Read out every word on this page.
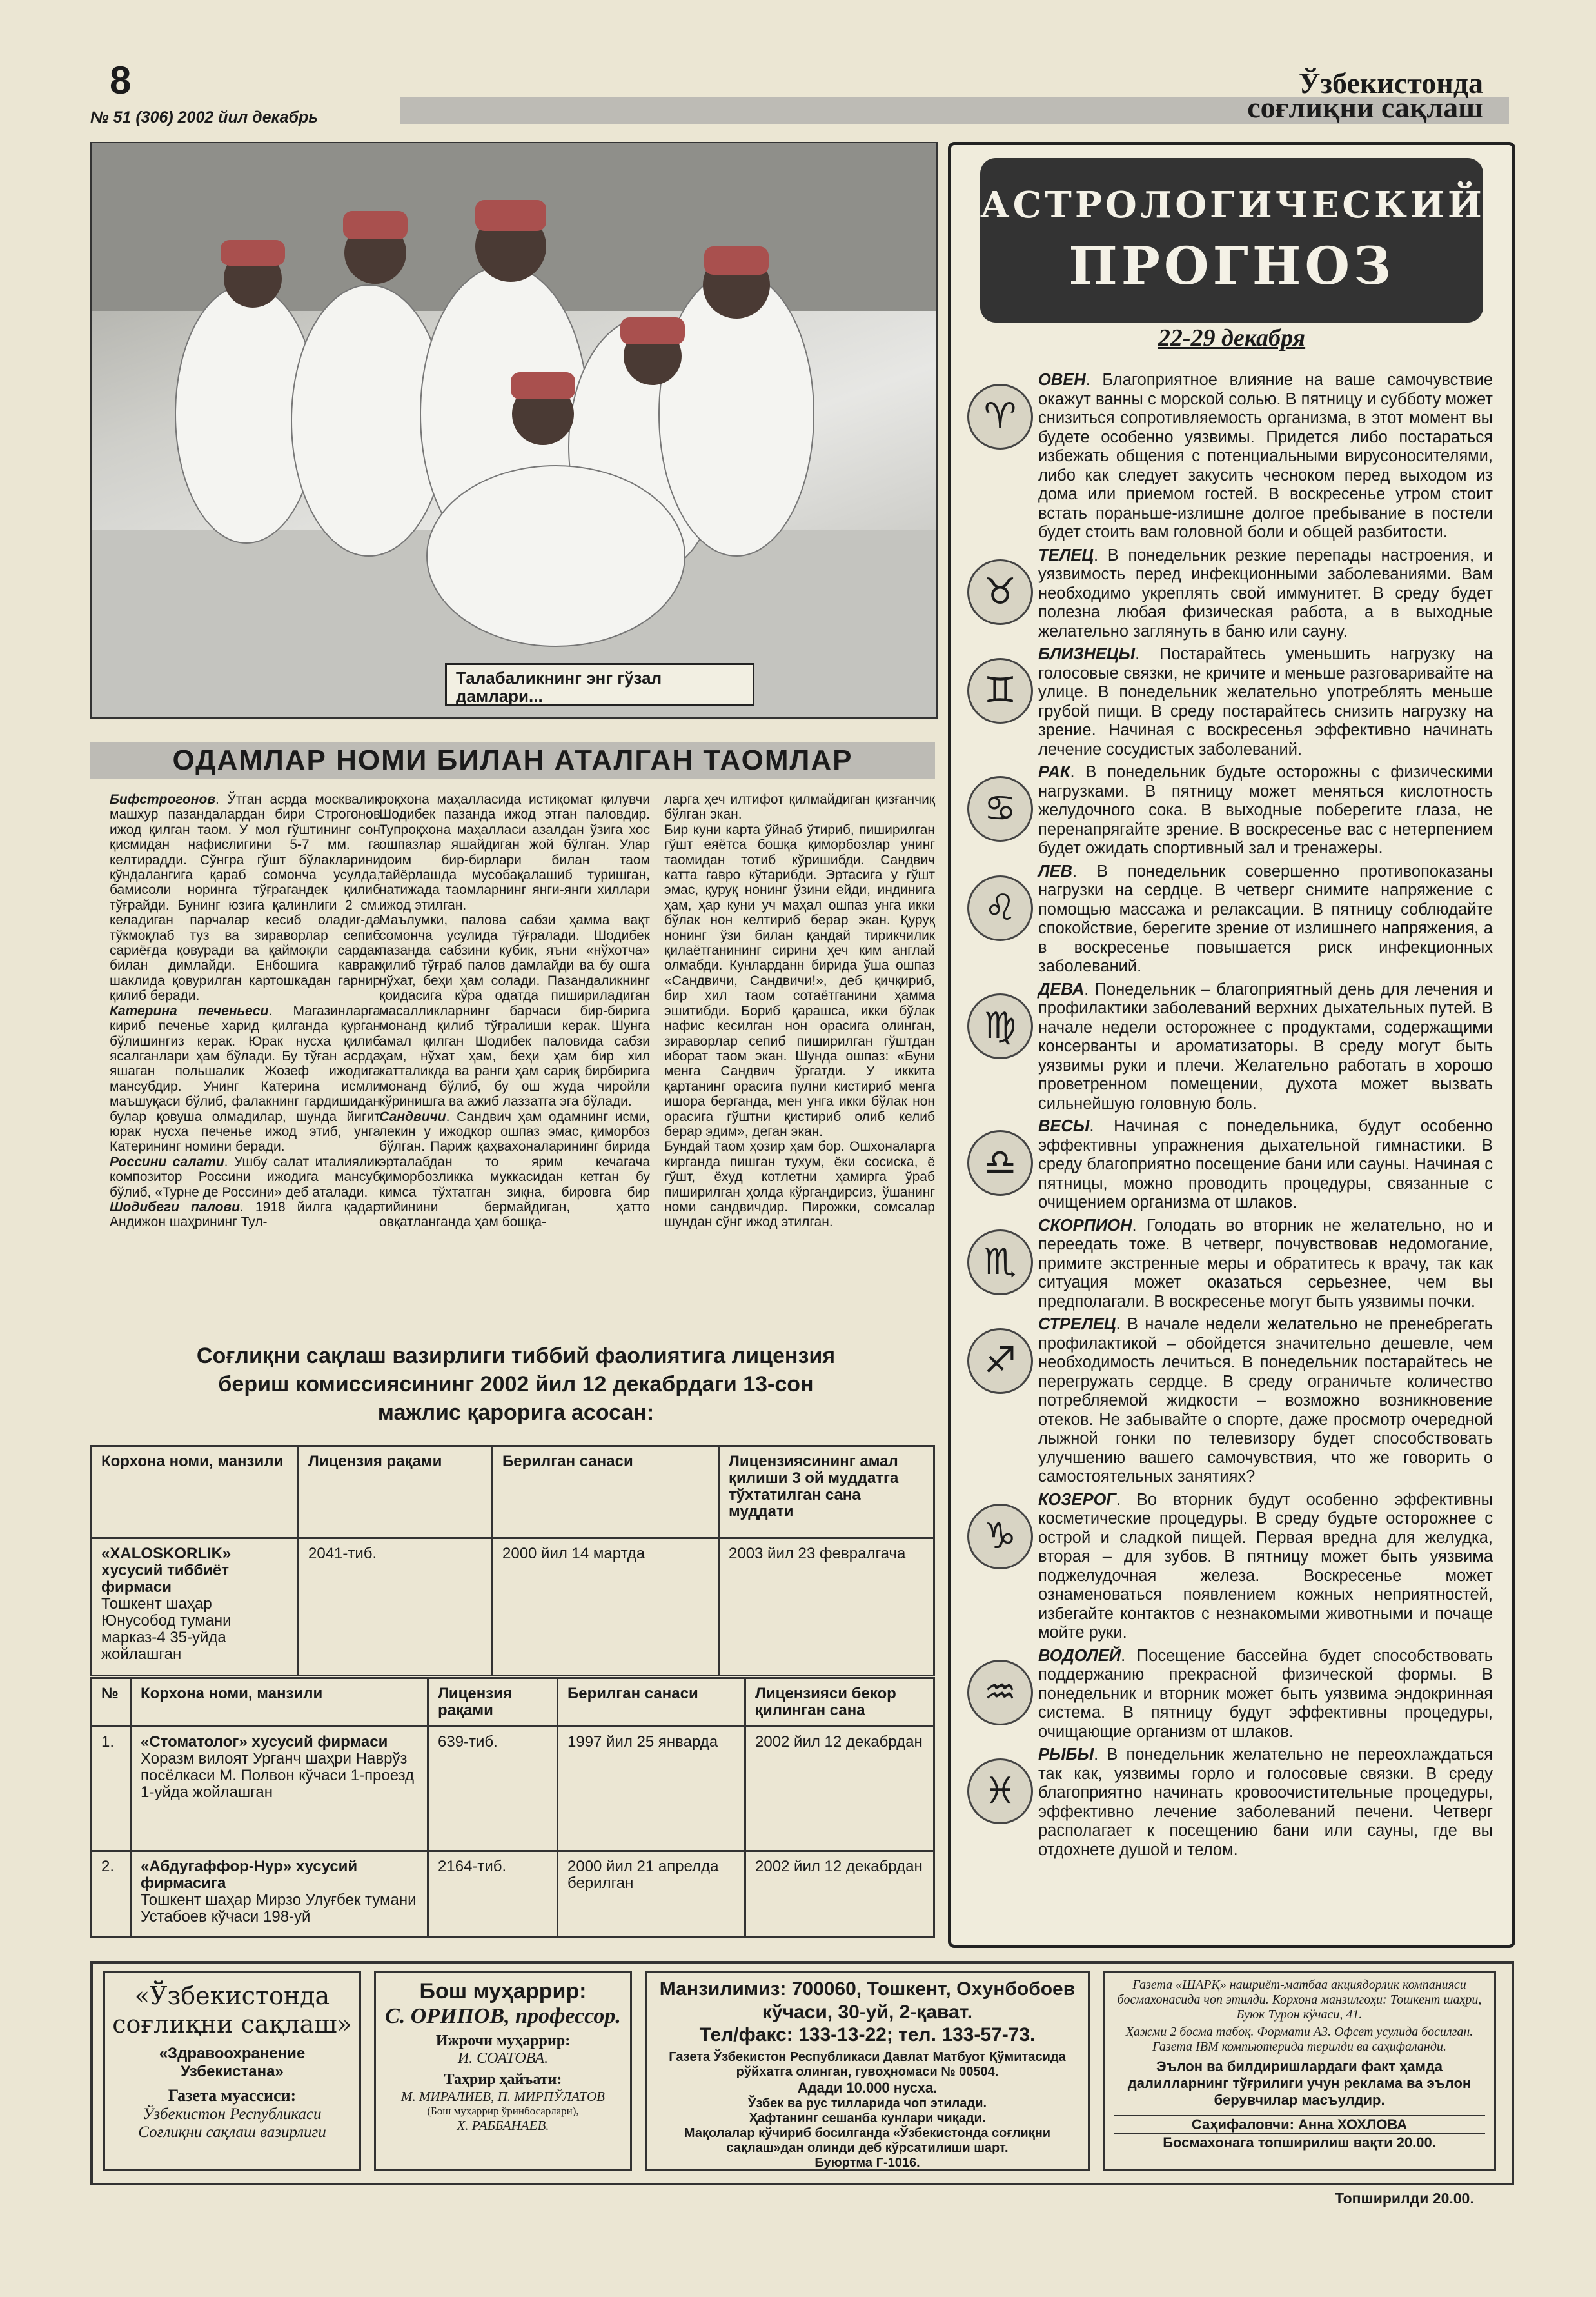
8
№ 51 (306) 2002 йил декабрь
Ўзбекистонда
соғлиқни сақлаш
Талабаликнинг энг гўзал дамлари...
ОДАМЛАР НОМИ БИЛАН АТАЛГАН ТАОМЛАР

Бифстрогонов. Ўтган асрда москвалик машхур пазандалардан бири Строгонов ижод қилган таом. У мол гўштининг сон қисмидан нафислигини 5-7 мм. га кeлтирадди. Сўнгра гўшт бўлакларини қўндалангига қараб сомонча усулда, бамисоли норинга тўғрагандек қилиб тўғрайди. Бунинг юзига қалинлиги 2 см. келадиган парчалар кесиб оладиr-да тўкмоқлаб туз ва зираворлар сепиб сариёғда қовуради ва қаймоқли сардак билан димлайди. Енбошига каврак шаклида қовурилган картошкадан гарнир қилиб беради.

Катерина печеньеси. Магазинларга кириб печенье харид қилганда қурган бўлишингиз керак. Юрак нусха қилиб ясалганлари ҳам бўлади. Бу тўған асрда яшаган польшалик Жозеф ижодига мансубдир. Унинг Катерина исмли маъшуқаси бўлиб, фалакнинг гардишидан булар қовуша олмадилар, шунда йигит юрак нусха печенье ижод этиб, унга Катерининг номини беради.

Россини салати. Ушбу салат италиялик композитор Россини ижодига мансуб бўлиб, «Турне де Россини» деб аталади.

Шодибеги палови. 1918 йилга қадар Андижон шаҳрининг Тул-

роқхона маҳалласида истиқомат қилувчи Шодибек пазанда ижод этган паловдир. Тупроқхона маҳалласи азалдан ўзига хос ошпазлар яшайдиган жой бўлган. Улар доим бир-бирлари билан таом тайёрлашда мусобақалашиб туришган, натижада таомларнинг янги-янги хиллари ижод этилган.

Маълумки, палова сабзи ҳамма вақт сомонча усулида тўғралади. Шодибек пазанда сабзини кубик, яъни «нўхотча» қилиб тўғраб палов дамлайди ва бу ошга нўхат, беҳи ҳам солади. Пазандаликнинг қоидасига кўра одатда пишириладиган масалликларнинг барчаси бир-бирига монанд қилиб тўғралиши керак. Шунга амал қилган Шодибек паловида сабзи ҳам, нўхат ҳам, беҳи ҳам бир хил катталикда ва ранги ҳам сариқ бирбирига монанд бўлиб, бу ош жуда чиройли кўринишга ва ажиб лаззатга эга бўлади.

Сандвичи. Сандвич ҳам одамнинг исми, лекин у ижодкор ошпаз эмас, қиморбоз бўлган. Париж қаҳвахоналарининг бирида эрталабдан то ярим кечагача қиморбозликка муккасидан кетган бу кимса тўхтатган зиқна, бировга бир тийинини бермайдиган, ҳатто овқатланганда ҳам бошқа-

ларга ҳеч илтифот қилмайдиган қизғанчиқ бўлган экан.

Бир куни карта ўйнаб ўтириб, пиширилган гўшт еяётса бошқа қиморбозлар унинг таомидан тотиб кўришибди. Сандвич катта гаврo кўтарибди. Эртасига у гўшт эмас, қуруқ нонинг ўзини ейди, индинига ҳам, ҳар куни уч маҳал ошпаз унга икки бўлак нон келтириб берар экан. Қуруқ нонинг ўзи билан қандай тирикчилик қилаётганининг сирини ҳеч ким англай олмабди. Кунларданн бирида ўша ошпаз «Сандвичи, Сандвичи!», деб қичқириб, бир хил таом сотаётганини ҳамма эшитибди. Бориб қарашса, икки бўлак нафис кесилган нон орасига олинган, зираворлар сепиб пиширилган гўштдан иборат таом экан. Шунда ошпаз: «Буни менга Сандвич ўргатди. У иккита қартанинг орасига пулни кистириб менга ишора берганда, мен унга икки бўлак нон орасига гўштни қистириб олиб келиб берар эдим», деган экан.

Бундай таом ҳозир ҳам бор. Ошхоналарга кирганда пишган тухум, ёки сосиска, ё гўшт, ёхуд котлетни ҳамирга ўраб пиширилган ҳолда кўргандирсиз, ўшанинг номи сандвичдир. Пирожки, сомсалар шундан сўнг ижод этилган.

Соғлиқни сақлаш вазирлиги тиббий фаолиятига лицензия
бериш комиссиясининг 2002 йил 12 декабрдаги 13-сон
мажлис қарорига асосан:
Корхона номи, манзили	Лицензия рақами	Берилган санаси	Лицензиясининг амал қилиши 3 ой муддатга тўхтатилган сана муддати

«XALOSKORLIK» хусусий тиббиёт фирмаси
Тошкент шаҳар Юнусобод тумани марказ-4 35-уйда жойлашган	2041-тиб.	2000 йил 14 мартда	2003 йил 23 февралгача
№	Корхона номи, манзили	Лицензия рақами	Берилган санаси	Лицензияси бекор қилинган сана
1.	«Стоматолог» хусусий фирмаси
Хоразм вилоят Урганч шаҳри Наврўз посёлкаси М. Полвон кўчаси 1-проезд 1-уйда жойлашган	639-тиб.	1997 йил 25 январда	2002 йил 12 декабрдан
2.	«Абдугаффор-Нур» хусусий фирмасига
Тошкент шаҳар Мирзо Улуғбек тумани Устабоев кўчаси 198-уй	2164-тиб.	2000 йил 21 апрелда берилган	2002 йил 12 декабрдан
АСТРОЛОГИЧЕСКИЙ
ПРОГНОЗ
22-29 декабря
♈
ОВЕН. Благоприятное влияние на ваше самочувствие окажут ванны с морской солью. В пятницу и субботу может снизиться сопротивляемость организма, в этот момент вы будете особенно уязвимы. Придется либо постараться избежать общения с потенциальными вирусоносителями, либо как следует закусить чесноком перед выходом из дома или приемом гостей. В воскресенье утром стоит встать пораньше-излишне долгое пребывание в постели будет стоить вам головной боли и общей разбитости.
♉
ТЕЛЕЦ. В понедельник резкие перепады настроения, и уязвимость перед инфекционными заболеваниями. Вам необходимо укреплять свой иммунитет. В среду будет полезна любая физическая работа, а в выходные желательно заглянуть в баню или сауну.
♊
БЛИЗНЕЦЫ. Постарайтесь уменьшить нагрузку на голосовые связки, не кричите и меньше разговаривайте на улице. В понедельник желательно употреблять меньше грубой пищи. В среду постарайтесь снизить нагрузку на зрение. Начиная с воскресенья эффективно начинать лечение сосудистых заболеваний.
♋
РАК. В понедельник будьте осторожны с физическими нагрузками. В пятницу может меняться кислотность желудочного сока. В выходные поберегите глаза, не перенапрягайте зрение. В воскресенье вас с нетерпением будет ожидать спортивный зал и тренажеры.
♌
ЛЕВ. В понедельник совершенно противопоказаны нагрузки на сердце. В четверг снимите напряжение с помощью массажа и релаксации. В пятницу соблюдайте спокойствие, берегите зрение от излишнего напряжения, а в воскресенье повышается риск инфекционных заболеваний.
♍
ДЕВА. Понедельник – благоприятный день для лечения и профилактики заболеваний верхних дыхательных путей. В начале недели осторожнее с продуктами, содержащими консерванты и ароматизаторы. В среду могут быть уязвимы руки и плечи. Желательно работать в хорошо проветренном помещении, духота может вызвать сильнейшую головную боль.
♎
ВЕСЫ. Начиная с понедельника, будут особенно эффективны упражнения дыхательной гимнастики. В среду благоприятно посещение бани или сауны. Начиная с пятницы, можно проводить процедуры, связанные с очищением организма от шлаков.
♏
СКОРПИОН. Голодать во вторник не желательно, но и переедать тоже. В четверг, почувствовав недомогание, примите экстренные меры и обратитесь к врачу, так как ситуация может оказаться серьезнее, чем вы предполагали. В воскресенье могут быть уязвимы почки.
♐
СТРЕЛЕЦ. В начале недели желательно не пренебрегать профилактикой – обойдется значительно дешевле, чем необходимость лечиться. В понедельник постарайтесь не перегружать сердце. В среду ограничьте количество потребляемой жидкости – возможно возникновение отеков. Не забывайте о спорте, даже просмотр очередной лыжной гонки по телевизору будет способствовать улучшению вашего самочувствия, что же говорить о самостоятельных занятиях?
♑
КОЗЕРОГ. Во вторник будут особенно эффективны косметические процедуры. В среду будьте осторожнее с острой и сладкой пищей. Первая вредна для желудка, вторая – для зубов. В пятницу может быть уязвима поджелудочная железа. Воскресенье может ознаменоваться появлением кожных неприятностей, избегайте контактов с незнакомыми животными и почаще мойте руки.
♒
ВОДОЛЕЙ. Посещение бассейна будет способствовать поддержанию прекрасной физической формы. В понедельник и вторник может быть уязвима эндокринная система. В пятницу будут эффективны процедуры, очищающие организм от шлаков.
♓
РЫБЫ. В понедельник желательно не переохлаждаться так как, уязвимы горло и голосовые связки. В среду благоприятно начинать кровоочистительные процедуры, эффективно лечение заболеваний печени. Четверг располагает к посещению бани или сауны, где вы отдохнете душой и телом.
«Ўзбекистонда
соғлиқни сақлаш»
«Здравоохранение Узбекистана»
Газета муассиси:
Ўзбекистон Республикаси Соғлиқни сақлаш вазирлиги
Бош муҳаррир:
С. ОРИПОВ, профессор.
Ижрочи муҳаррир:
И. СОАТОВА.
Таҳрир ҳайъати:
М. МИРАЛИЕВ, П. МИРПЎЛАТОВ
(Бош муҳаррир ўринбосарлари),
Х. РАББАНАЕВ.
Манзилимиз: 700060, Тошкент, Охунбобоев кўчаси, 30-уй, 2-қават.
Тел/факс: 133-13-22; тел. 133-57-73.
Газета Ўзбекистон Республикаси Давлат Матбуот Қўмитасида рўйхатга олинган, гувоҳномаси № 00504.
Адади 10.000 нусха.
Ўзбек ва рус тилларида чоп этилади.
Ҳафтанинг сешанба кунлари чиқади.
Мақолалар кўчириб босилганда «Ўзбекистонда соғлиқни сақлаш»дан олинди деб кўрсатилиши шарт.
Буюртма Г-1016.
Газета «ШАРҚ» нашриёт-матбаа акциядорлик компанияси босмахонасида чоп этилди. Корхона манзилгоҳи: Тошкент шаҳри, Буюк Турон кўчаси, 41.
Ҳажми 2 босма табоқ. Формати А3. Офсет усулида босилган. Газета IBM компьютерида терилди ва саҳифаланди.
Эълон ва билдиришлардаги факт ҳамда далилларнинг тўғрилиги учун реклама ва эълон берувчилар масъулдир.
Саҳифаловчи: Анна ХОХЛОВА
Босмахонага топширилиш вақти 20.00.
Топширилди 20.00.
